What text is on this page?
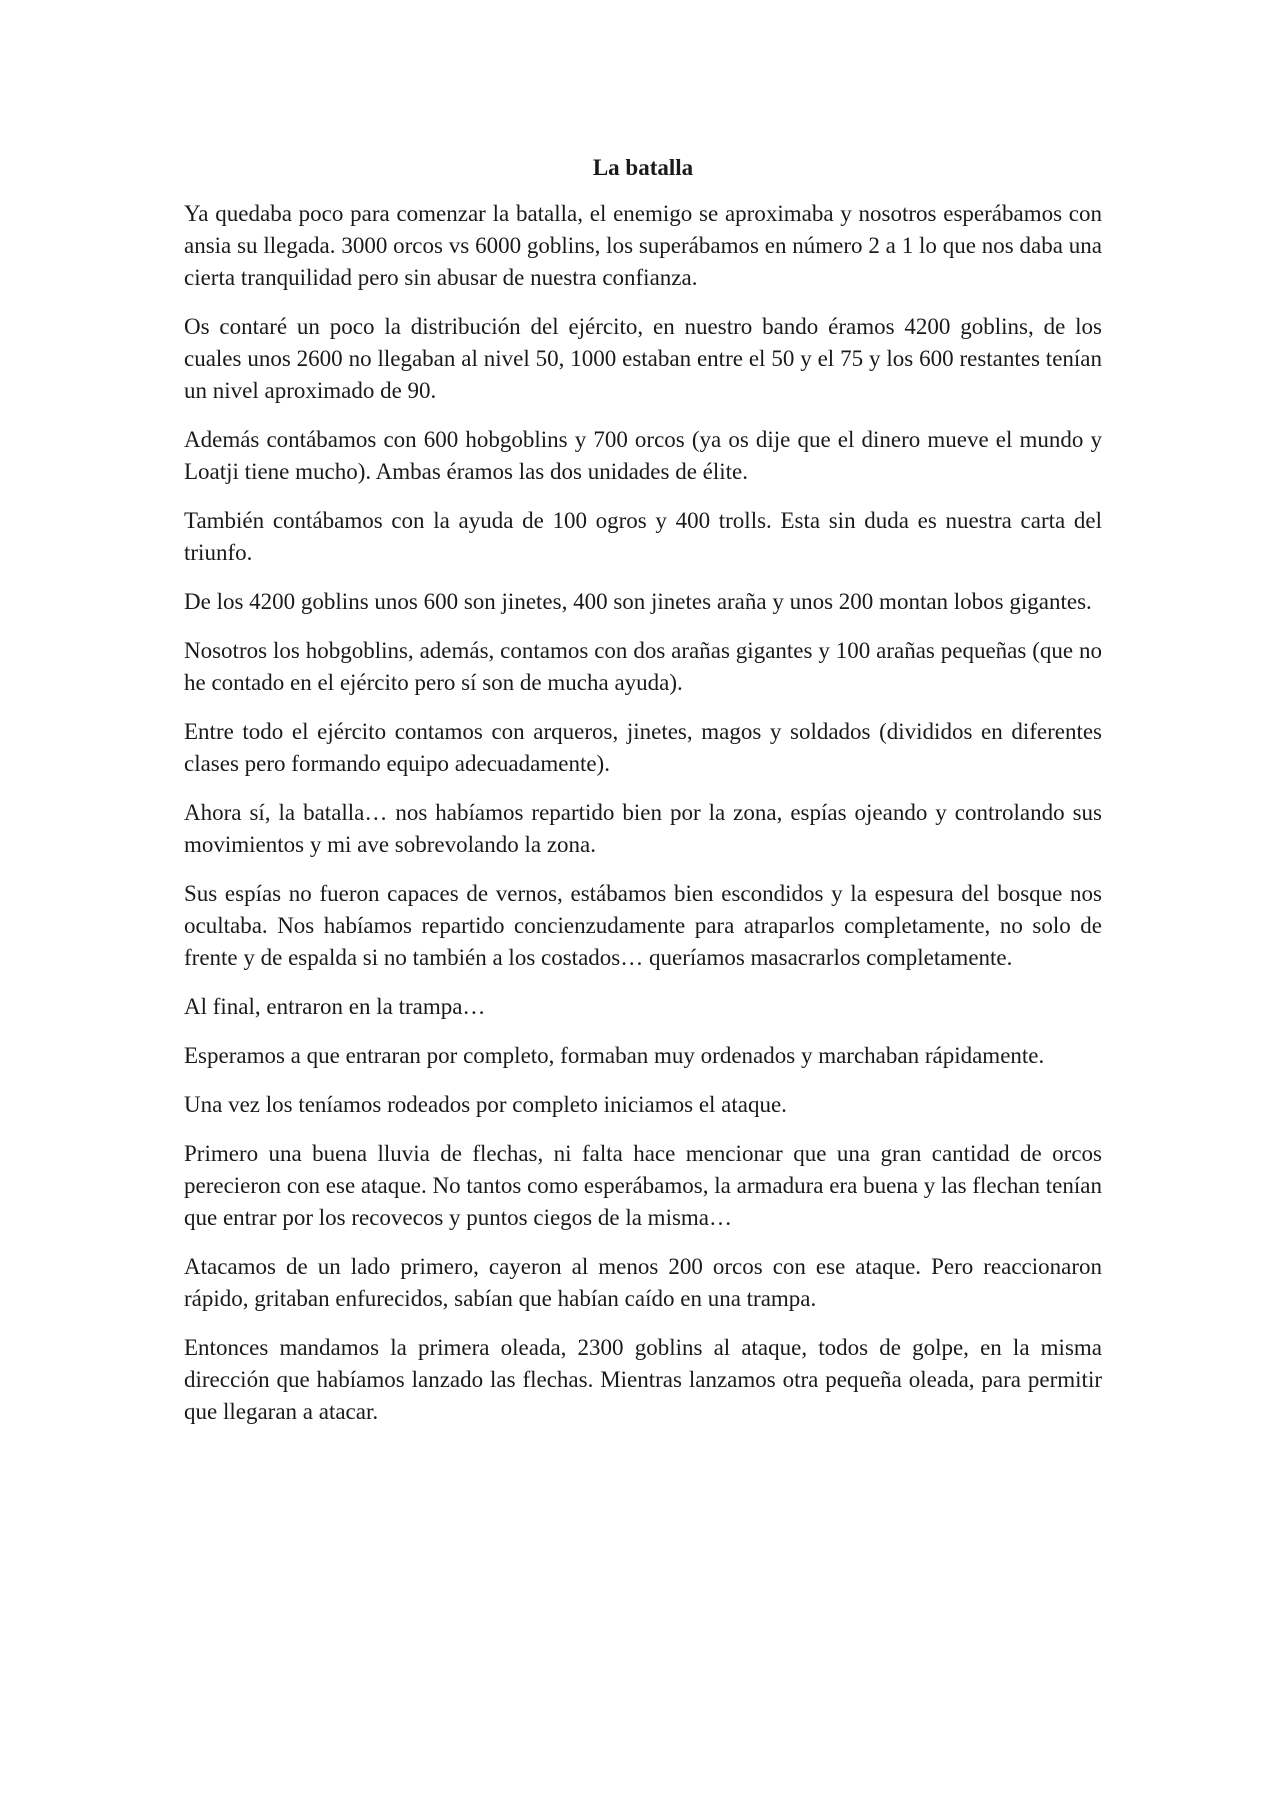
La batalla

Ya quedaba poco para comenzar la batalla, el enemigo se aproximaba y nosotros esperábamos con ansia su llegada. 3000 orcos vs 6000 goblins, los superábamos en número 2 a 1 lo que nos daba una cierta tranquilidad pero sin abusar de nuestra confianza.

Os contaré un poco la distribución del ejército, en nuestro bando éramos 4200 goblins, de los cuales unos 2600 no llegaban al nivel 50, 1000 estaban entre el 50 y el 75 y los 600 restantes tenían un nivel aproximado de 90.

Además contábamos con 600 hobgoblins y 700 orcos (ya os dije que el dinero mueve el mundo y Loatji tiene mucho). Ambas éramos las dos unidades de élite.

También contábamos con la ayuda de 100 ogros y 400 trolls. Esta sin duda es nuestra carta del triunfo.

De los 4200 goblins unos 600 son jinetes, 400 son jinetes araña y unos 200 montan lobos gigantes.

Nosotros los hobgoblins, además, contamos con dos arañas gigantes y 100 arañas pequeñas (que no he contado en el ejército pero sí son de mucha ayuda).

Entre todo el ejército contamos con arqueros, jinetes, magos y soldados (divididos en diferentes clases pero formando equipo adecuadamente).

Ahora sí, la batalla… nos habíamos repartido bien por la zona, espías ojeando y controlando sus movimientos y mi ave sobrevolando la zona.

Sus espías no fueron capaces de vernos, estábamos bien escondidos y la espesura del bosque nos ocultaba. Nos habíamos repartido concienzudamente para atraparlos completamente, no solo de frente y de espalda si no también a los costados… queríamos masacrarlos completamente.

Al final, entraron en la trampa…

Esperamos a que entraran por completo, formaban muy ordenados y marchaban rápidamente.

Una vez los teníamos rodeados por completo iniciamos el ataque.

Primero una buena lluvia de flechas, ni falta hace mencionar que una gran cantidad de orcos perecieron con ese ataque. No tantos como esperábamos, la armadura era buena y las flechan tenían que entrar por los recovecos y puntos ciegos de la misma…

Atacamos de un lado primero, cayeron al menos 200 orcos con ese ataque. Pero reaccionaron rápido, gritaban enfurecidos, sabían que habían caído en una trampa.

Entonces mandamos la primera oleada, 2300 goblins al ataque, todos de golpe, en la misma dirección que habíamos lanzado las flechas. Mientras lanzamos otra pequeña oleada, para permitir que llegaran a atacar.
